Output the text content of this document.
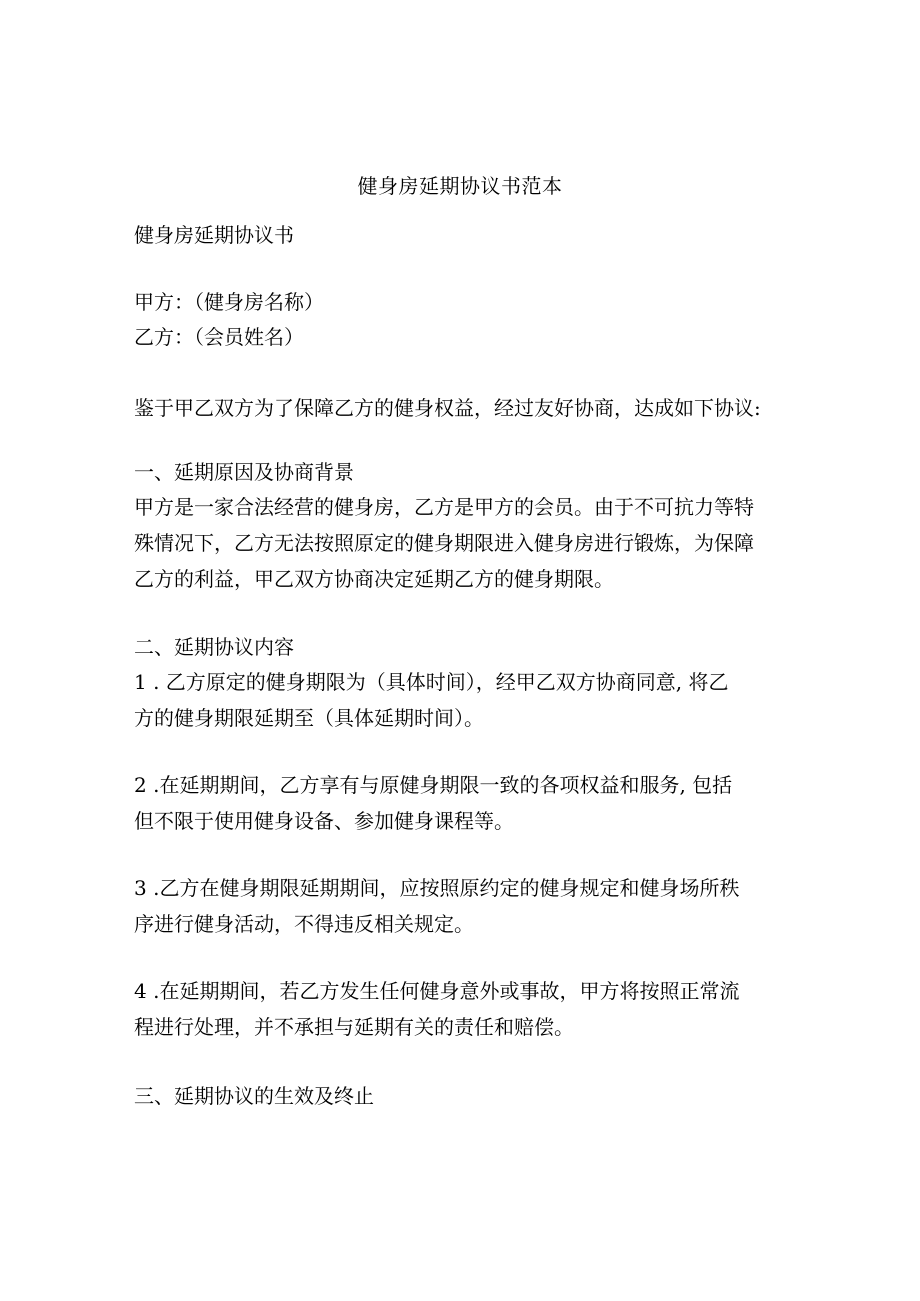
健身房延期协议书范本
健身房延期协议书
甲方：（健身房名称）
乙方：（会员姓名）
鉴于甲乙双方为了保障乙方的健身权益，经过友好协商，达成如下协议:
一、延期原因及协商背景
甲方是一家合法经营的健身房，乙方是甲方的会员。由于不可抗力等特
殊情况下，乙方无法按照原定的健身期限进入健身房进行锻炼，为保障
乙方的利益，甲乙双方协商决定延期乙方的健身期限。
二、延期协议内容
1 . 乙方原定的健身期限为（具体时间），经甲乙双方协商同意, 将乙
方的健身期限延期至（具体延期时间）。
2 .在延期期间，乙方享有与原健身期限一致的各项权益和服务, 包括
但不限于使用健身设备、参加健身课程等。
3 .乙方在健身期限延期期间，应按照原约定的健身规定和健身场所秩
序进行健身活动，不得违反相关规定。
4 .在延期期间，若乙方发生任何健身意外或事故，甲方将按照正常流
程进行处理，并不承担与延期有关的责任和赔偿。
三、延期协议的生效及终止
